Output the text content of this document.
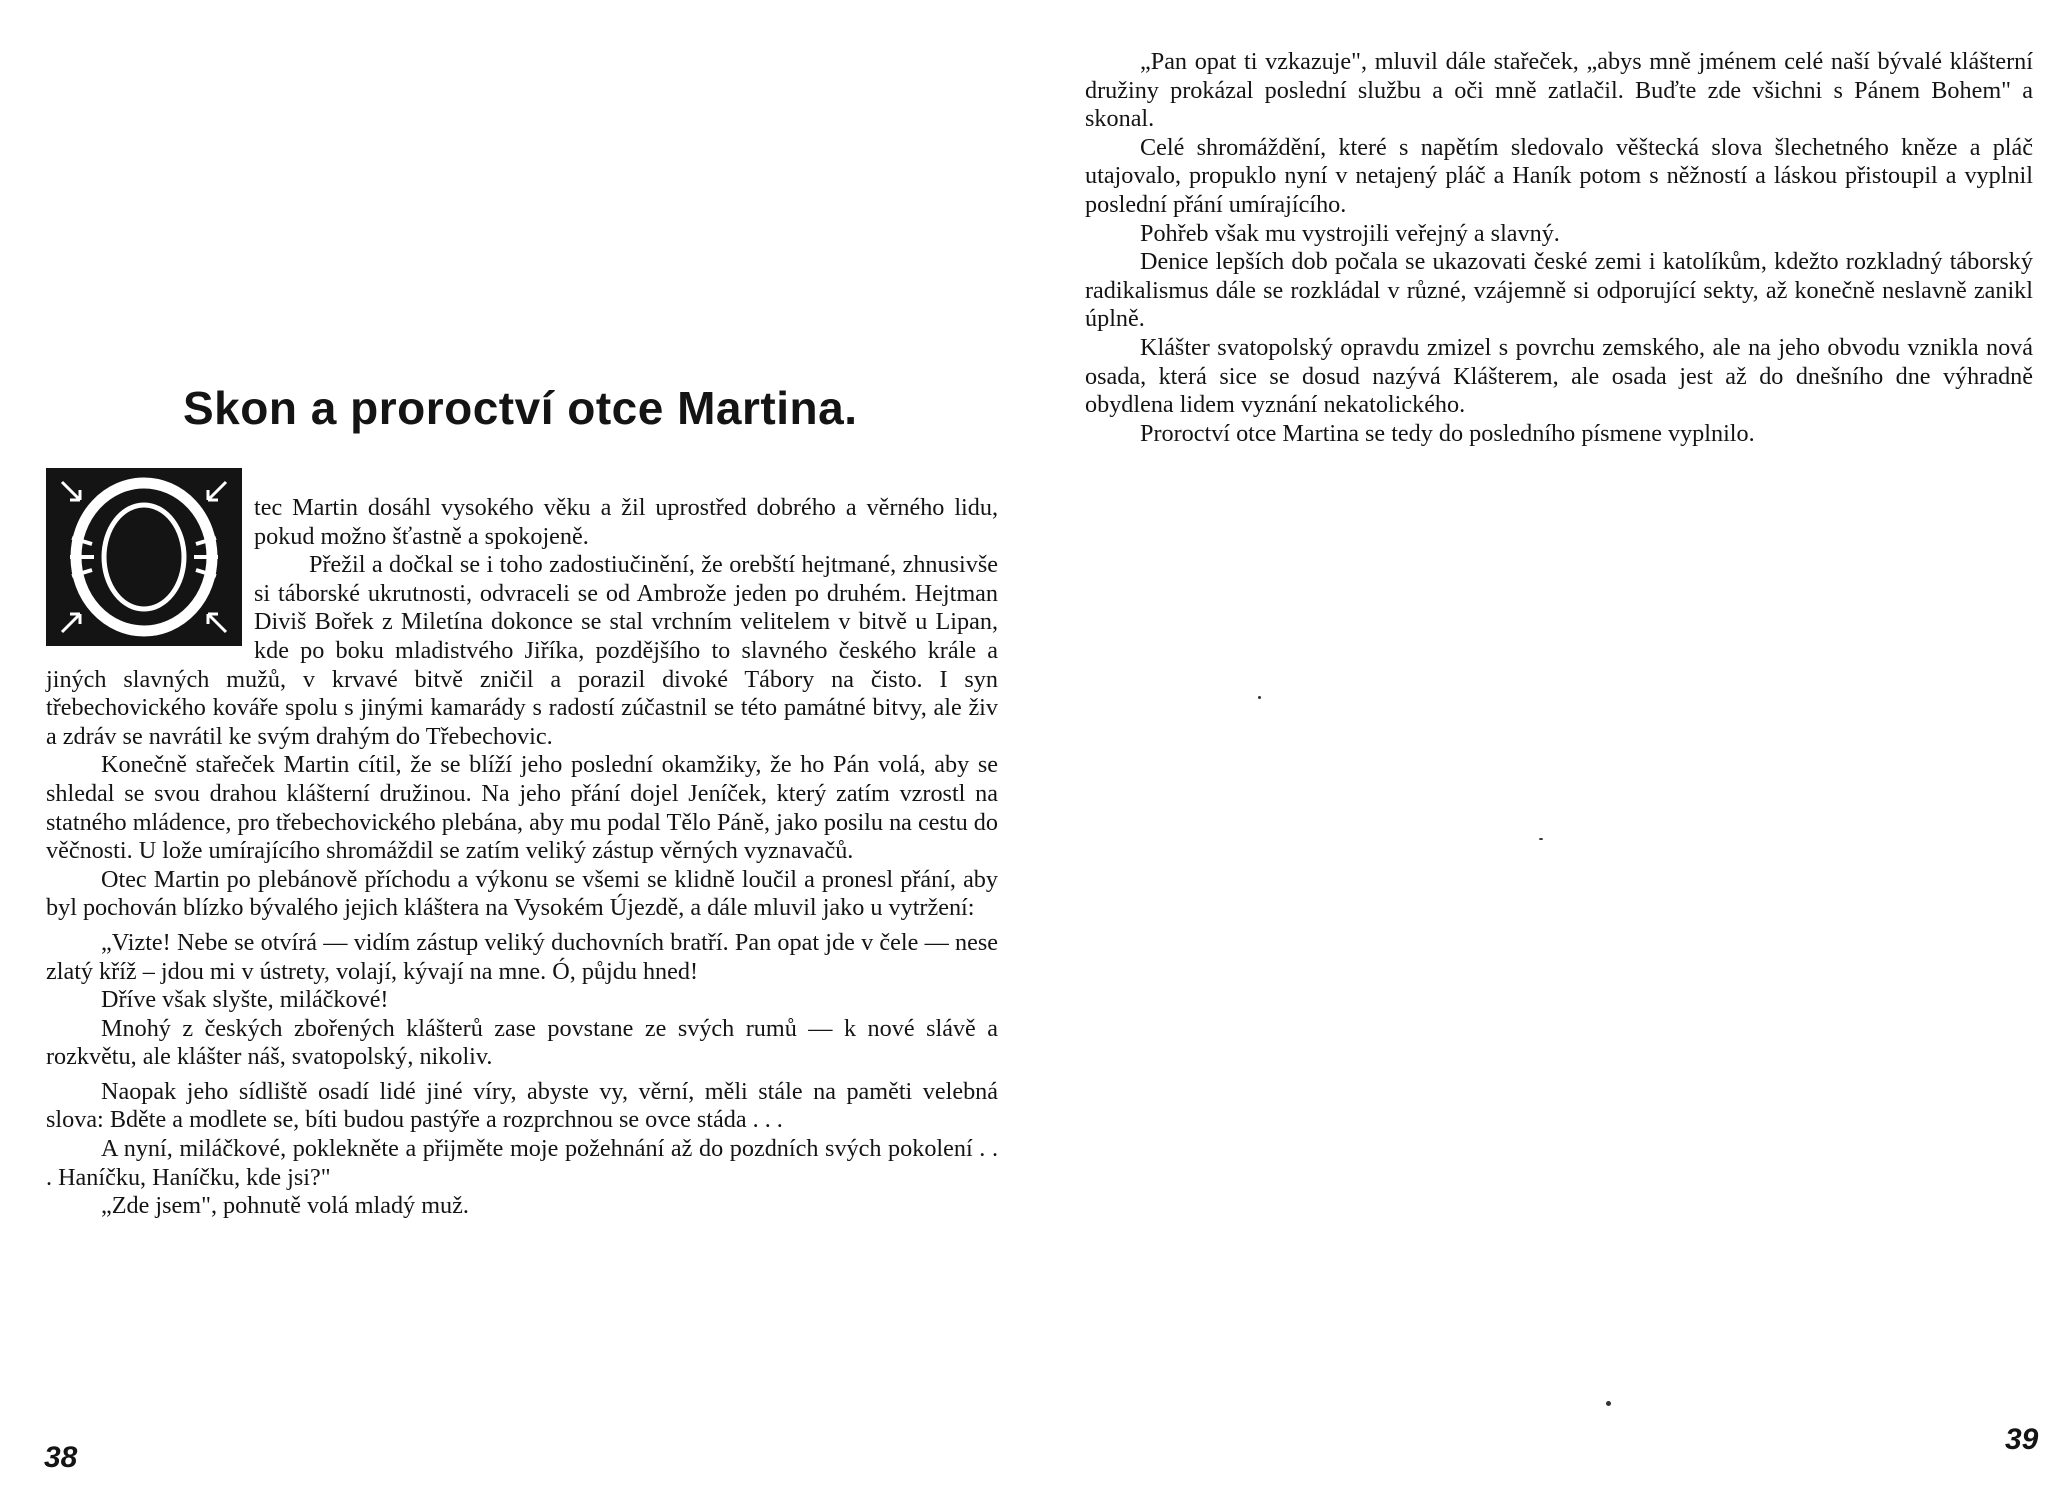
Skon a proroctví otce Martina.

tec Martin dosáhl vysokého věku a žil uprostřed dobrého a věrného lidu, pokud možno šťastně a spokojeně.

Přežil a dočkal se i toho zadostiučinění, že orebští hejtmané, zhnusivše si táborské ukrutnosti, odvraceli se od Ambrože jeden po druhém. Hejtman Diviš Bořek z Miletína dokonce se stal vrchním velitelem v bitvě u Lipan, kde po boku mladistvého Jiříka, pozdějšího to slavného českého krále a jiných slavných mužů, v krvavé bitvě zničil a porazil divoké Tábory na čisto. I syn třebechovického kováře spolu s jinými kamarády s radostí zúčastnil se této památné bitvy, ale živ a zdráv se navrátil ke svým drahým do Třebechovic.

Konečně stařeček Martin cítil, že se blíží jeho poslední okamžiky, že ho Pán volá, aby se shledal se svou drahou klášterní družinou. Na jeho přání dojel Jeníček, který zatím vzrostl na statného mládence, pro třebechovického plebána, aby mu podal Tělo Páně, jako posilu na cestu do věčnosti. U lože umírajícího shromáždil se zatím veliký zástup věrných vyznavačů.

Otec Martin po plebánově příchodu a výkonu se všemi se klidně loučil a pronesl přání, aby byl pochován blízko bývalého jejich kláštera na Vysokém Újezdě, a dále mluvil jako u vytržení:

„Vizte! Nebe se otvírá — vidím zástup veliký duchovních bratří. Pan opat jde v čele — nese zlatý kříž – jdou mi v ústrety, volají, kývají na mne. Ó, půjdu hned!

Dříve však slyšte, miláčkové!

Mnohý z českých zbořených klášterů zase povstane ze svých rumů — k nové slávě a rozkvětu, ale klášter náš, svatopolský, nikoliv.

Naopak jeho sídliště osadí lidé jiné víry, abyste vy, věrní, měli stále na paměti velebná slova: Bděte a modlete se, bíti budou pastýře a rozprchnou se ovce stáda . . .

A nyní, miláčkové, poklekněte a přijměte moje požehnání až do pozdních svých pokolení . . . Haníčku, Haníčku, kde jsi?"

„Zde jsem", pohnutě volá mladý muž.

38

„Pan opat ti vzkazuje", mluvil dále stařeček, „abys mně jménem celé naší bývalé klášterní družiny prokázal poslední službu a oči mně zatlačil. Buďte zde všichni s Pánem Bohem" a skonal.

Celé shromáždění, které s napětím sledovalo věštecká slova šlechetného kněze a pláč utajovalo, propuklo nyní v netajený pláč a Haník potom s něžností a láskou přistoupil a vyplnil poslední přání umírajícího.

Pohřeb však mu vystrojili veřejný a slavný.

Denice lepších dob počala se ukazovati české zemi i katolíkům, kdežto rozkladný táborský radikalismus dále se rozkládal v různé, vzájemně si odporující sekty, až konečně neslavně zanikl úplně.

Klášter svatopolský opravdu zmizel s povrchu zemského, ale na jeho obvodu vznikla nová osada, která sice se dosud nazývá Klášterem, ale osada jest až do dnešního dne výhradně obydlena lidem vyznání nekatolického.

Proroctví otce Martina se tedy do posledního písmene vyplnilo.

39
